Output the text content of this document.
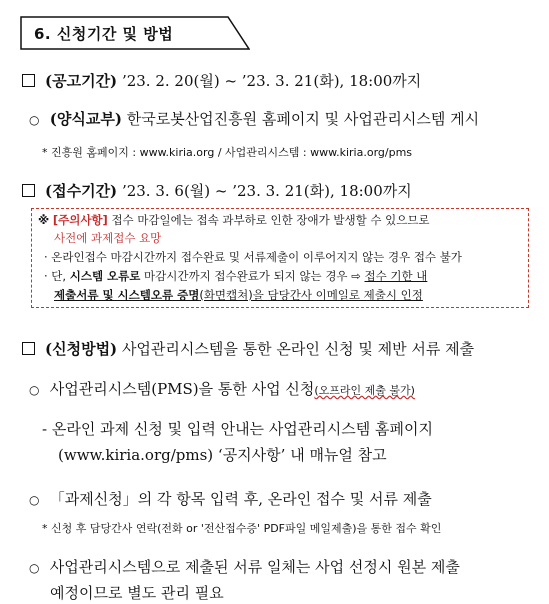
6. 신청기간 및 방법
(공고기간) ’23. 2. 20(월) ~ ’23. 3. 21(화), 18:00까지
○ (양식교부) 한국로봇산업진흥원 홈페이지 및 사업관리시스템 게시
* 진흥원 홈페이지 : www.kiria.org / 사업관리시스템 : www.kiria.org/pms
(접수기간) ’23. 3. 6(월) ~ ’23. 3. 21(화), 18:00까지
※ [주의사항] 접수 마감일에는 접속 과부하로 인한 장애가 발생할 수 있으므로
사전에 과제접수 요망
· 온라인접수 마감시간까지 접수완료 및 서류제출이 이루어지지 않는 경우 접수 불가
· 단, 시스템 오류로 마감시간까지 접수완료가 되지 않는 경우 ⇨ 접수 기한 내
제출서류 및 시스템오류 증명(화면캡쳐)을 담당간사 이메일로 제출시 인정
(신청방법) 사업관리시스템을 통한 온라인 신청 및 제반 서류 제출
○ 사업관리시스템(PMS)을 통한 사업 신청(오프라인 제출 불가)
- 온라인 과제 신청 및 입력 안내는 사업관리시스템 홈페이지
(www.kiria.org/pms) ‘공지사항’ 내 매뉴얼 참고
○ 「과제신청」의 각 항목 입력 후, 온라인 접수 및 서류 제출
* 신청 후 담당간사 연락(전화 or '전산접수증' PDF파일 메일제출)을 통한 접수 확인
○ 사업관리시스템으로 제출된 서류 일체는 사업 선정시 원본 제출
예정이므로 별도 관리 필요
